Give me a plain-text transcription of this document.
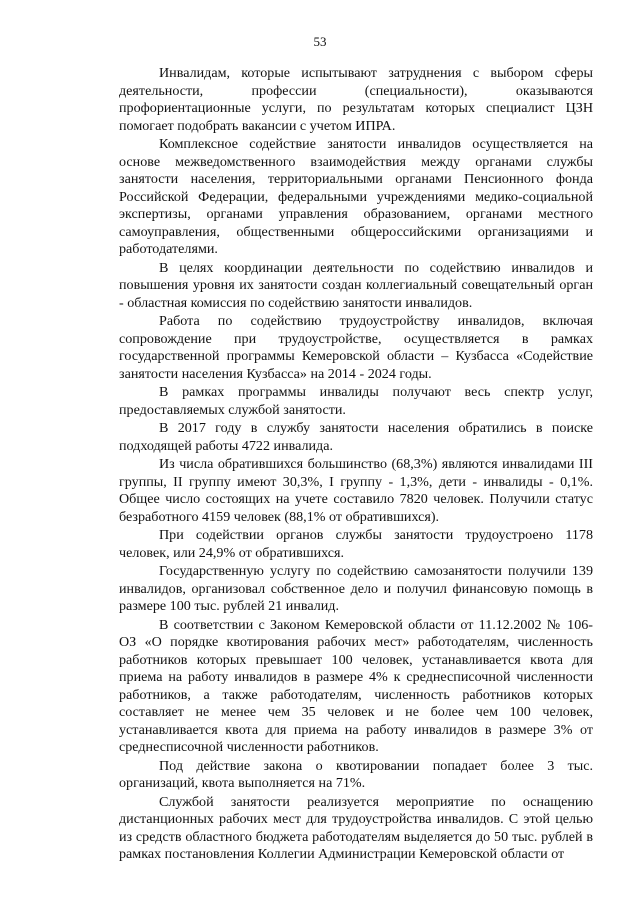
53

Инвалидам, которые испытывают затруднения с выбором сферы деятельности, профессии (специальности), оказываются профориентационные услуги, по результатам которых специалист ЦЗН помогает подобрать вакансии с учетом ИПРА.

Комплексное содействие занятости инвалидов осуществляется на основе межведомственного взаимодействия между органами службы занятости населения, территориальными органами Пенсионного фонда Российской Федерации, федеральными учреждениями медико-социальной экспертизы, органами управления образованием, органами местного самоуправления, общественными общероссийскими организациями и работодателями.

В целях координации деятельности по содействию инвалидов и повышения уровня их занятости создан коллегиальный совещательный орган - областная комиссия по содействию занятости инвалидов.

Работа по содействию трудоустройству инвалидов, включая сопровождение при трудоустройстве, осуществляется в рамках государственной программы Кемеровской области – Кузбасса «Содействие занятости населения Кузбасса» на 2014 - 2024 годы.

В рамках программы инвалиды получают весь спектр услуг, предоставляемых службой занятости.

В 2017 году в службу занятости населения обратились в поиске подходящей работы 4722 инвалида.

Из числа обратившихся большинство (68,3%) являются инвалидами III группы, II группу имеют 30,3%, I группу - 1,3%, дети - инвалиды - 0,1%. Общее число состоящих на учете составило 7820 человек. Получили статус безработного 4159 человек (88,1% от обратившихся).

При содействии органов службы занятости трудоустроено 1178 человек, или 24,9% от обратившихся.

Государственную услугу по содействию самозанятости получили 139 инвалидов, организовал собственное дело и получил финансовую помощь в размере 100 тыс. рублей 21 инвалид.

В соответствии с Законом Кемеровской области от 11.12.2002 № 106-ОЗ «О порядке квотирования рабочих мест» работодателям, численность работников которых превышает 100 человек, устанавливается квота для приема на работу инвалидов в размере 4% к среднесписочной численности работников, а также работодателям, численность работников которых составляет не менее чем 35 человек и не более чем 100 человек, устанавливается квота для приема на работу инвалидов в размере 3% от среднесписочной численности работников.

Под действие закона о квотировании попадает более 3 тыс. организаций, квота выполняется на 71%.

Службой занятости реализуется мероприятие по оснащению дистанционных рабочих мест для трудоустройства инвалидов. С этой целью из средств областного бюджета работодателям выделяется до 50 тыс. рублей в рамках постановления Коллегии Администрации Кемеровской области от
